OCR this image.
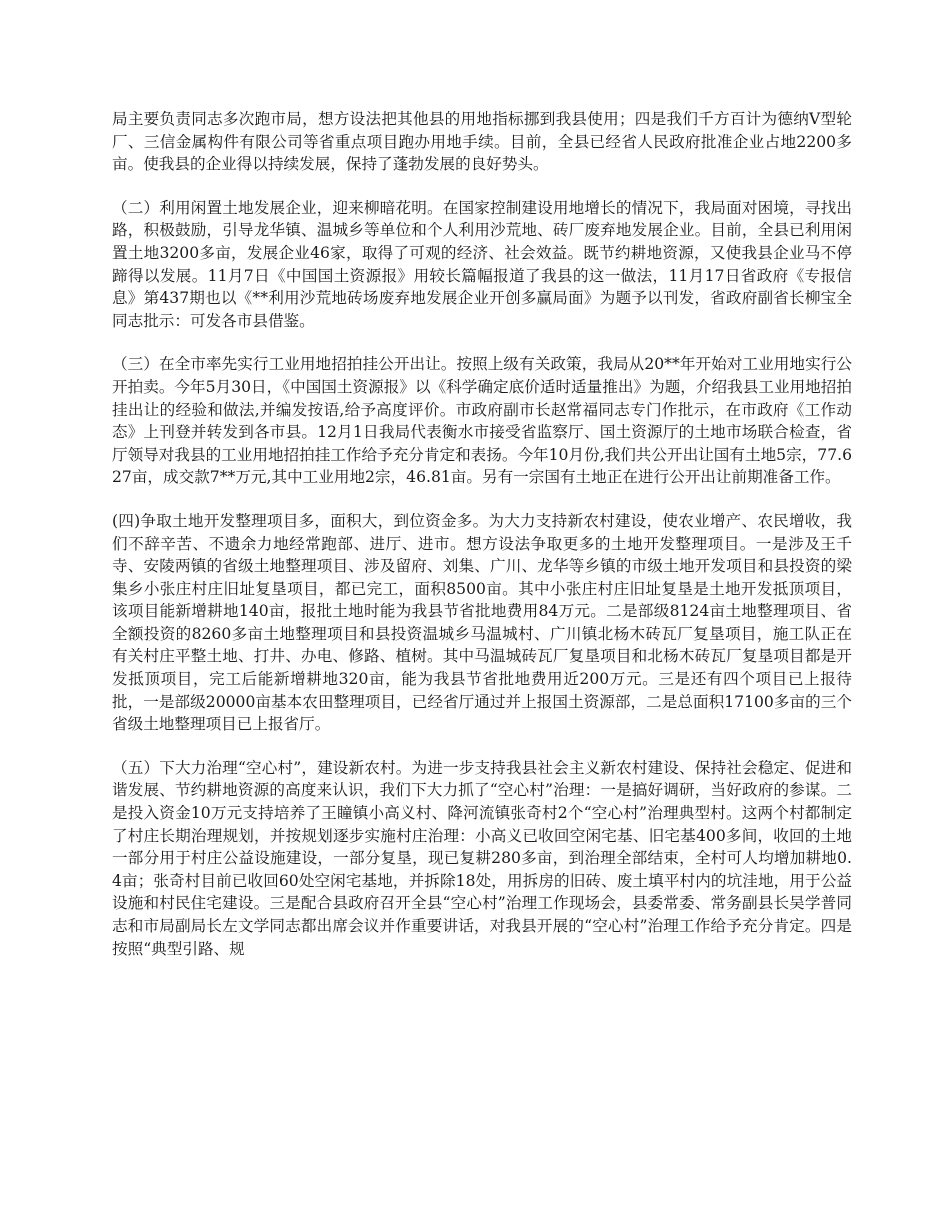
局主要负责同志多次跑市局，想方设法把其他县的用地指标挪到我县使用；四是我们千方百计为德纳Ⅴ型轮厂、三信金属构件有限公司等省重点项目跑办用地手续。目前，全县已经省人民政府批准企业占地2200多亩。使我县的企业得以持续发展，保持了蓬勃发展的良好势头。

（二）利用闲置土地发展企业，迎来柳暗花明。在国家控制建设用地增长的情况下，我局面对困境，寻找出路，积极鼓励，引导龙华镇、温城乡等单位和个人利用沙荒地、砖厂废弃地发展企业。目前，全县已利用闲置土地3200多亩，发展企业46家，取得了可观的经济、社会效益。既节约耕地资源，又使我县企业马不停蹄得以发展。11月7日《中国国土资源报》用较长篇幅报道了我县的这一做法，11月17日省政府《专报信息》第437期也以《**利用沙荒地砖场废弃地发展企业开创多赢局面》为题予以刊发，省政府副省长柳宝全同志批示：可发各市县借鉴。

（三）在全市率先实行工业用地招拍挂公开出让。按照上级有关政策，我局从20**年开始对工业用地实行公开拍卖。今年5月30日，《中国国土资源报》以《科学确定底价适时适量推出》为题，介绍我县工业用地招拍挂出让的经验和做法,并编发按语,给予高度评价。市政府副市长赵常福同志专门作批示，在市政府《工作动态》上刊登并转发到各市县。12月1日我局代表衡水市接受省监察厅、国土资源厅的土地市场联合检查，省厅领导对我县的工业用地招拍挂工作给予充分肯定和表扬。今年10月份,我们共公开出让国有土地5宗，77.627亩，成交款7**万元,其中工业用地2宗，46.81亩。另有一宗国有土地正在进行公开出让前期准备工作。

(四)争取土地开发整理项目多，面积大，到位资金多。为大力支持新农村建设，使农业增产、农民增收，我们不辞辛苦、不遗余力地经常跑部、进厅、进市。想方设法争取更多的土地开发整理项目。一是涉及王千寺、安陵两镇的省级土地整理项目、涉及留府、刘集、广川、龙华等乡镇的市级土地开发项目和县投资的梁集乡小张庄村庄旧址复垦项目，都已完工，面积8500亩。其中小张庄村庄旧址复垦是土地开发抵顶项目，该项目能新增耕地140亩，报批土地时能为我县节省批地费用84万元。二是部级8124亩土地整理项目、省全额投资的8260多亩土地整理项目和县投资温城乡马温城村、广川镇北杨木砖瓦厂复垦项目，施工队正在有关村庄平整土地、打井、办电、修路、植树。其中马温城砖瓦厂复垦项目和北杨木砖瓦厂复垦项目都是开发抵顶项目，完工后能新增耕地320亩，能为我县节省批地费用近200万元。三是还有四个项目已上报待批，一是部级20000亩基本农田整理项目，已经省厅通过并上报国土资源部，二是总面积17100多亩的三个省级土地整理项目已上报省厅。

（五）下大力治理“空心村”，建设新农村。为进一步支持我县社会主义新农村建设、保持社会稳定、促进和谐发展、节约耕地资源的高度来认识，我们下大力抓了“空心村”治理：一是搞好调研，当好政府的参谋。二是投入资金10万元支持培养了王瞳镇小高义村、降河流镇张奇村2个“空心村”治理典型村。这两个村都制定了村庄长期治理规划，并按规划逐步实施村庄治理：小高义已收回空闲宅基、旧宅基400多间，收回的土地一部分用于村庄公益设施建设，一部分复垦，现已复耕280多亩，到治理全部结束，全村可人均增加耕地0.4亩；张奇村目前已收回60处空闲宅基地，并拆除18处，用拆房的旧砖、废土填平村内的坑洼地，用于公益设施和村民住宅建设。三是配合县政府召开全县“空心村”治理工作现场会，县委常委、常务副县长吴学普同志和市局副局长左文学同志都出席会议并作重要讲话，对我县开展的“空心村”治理工作给予充分肯定。四是按照“典型引路、规
